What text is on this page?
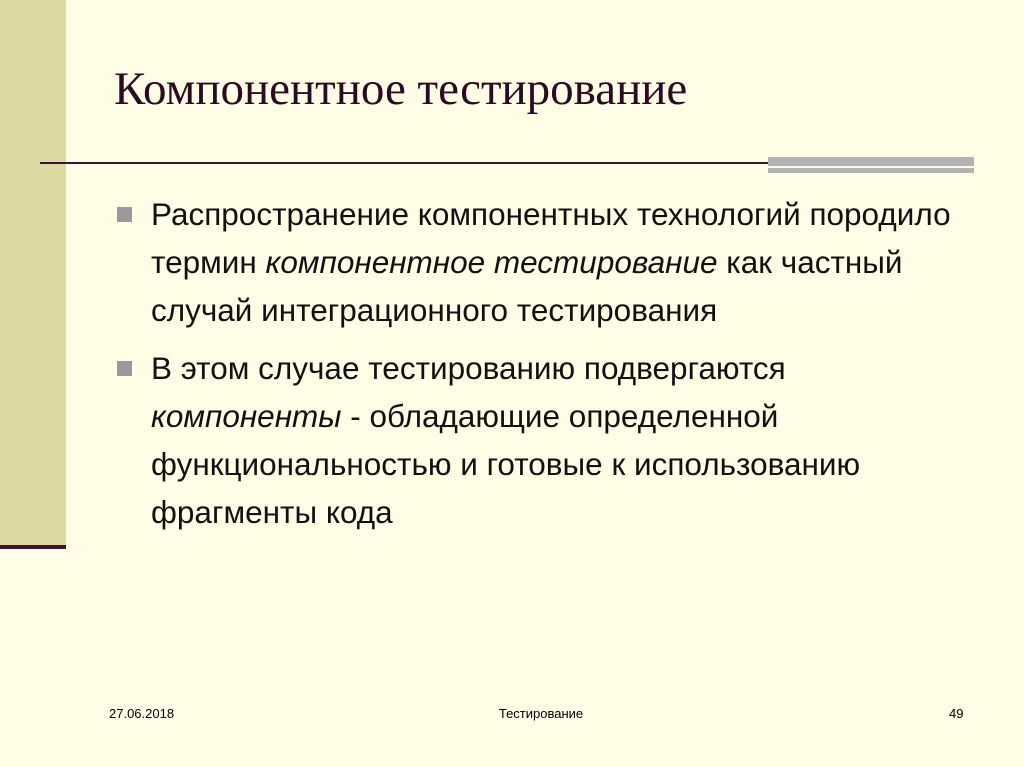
Компонентное тестирование
Распространение компонентных технологий породило термин компонентное тестирование как частный случай интеграционного тестирования
В этом случае тестированию подвергаются компоненты - обладающие определенной функциональностью и готовые к использованию фрагменты кода
27.06.2018	Тестирование	49
